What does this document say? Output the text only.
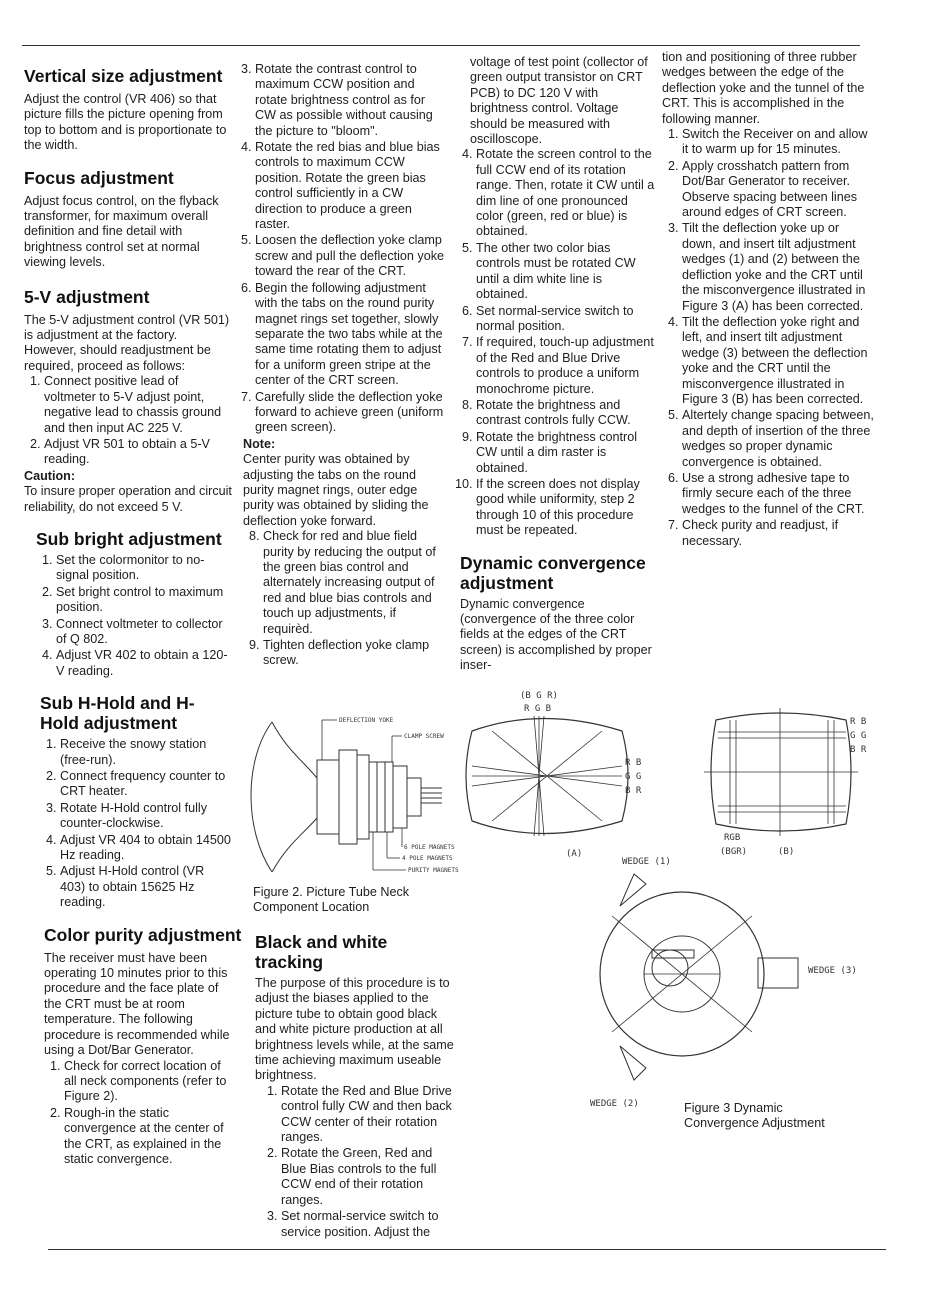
Vertical size adjustment

Adjust the control (VR 406) so that picture fills the picture opening from top to bottom and is proportionate to the width.

Focus adjustment

Adjust focus control, on the flyback transformer, for maximum overall definition and fine detail with brightness control set at normal viewing levels.

5-V adjustment

The 5-V adjustment control (VR 501) is adjustment at the factory. However, should readjustment be required, proceed as follows:

1. Connect positive lead of voltmeter to 5-V adjust point, negative lead to chassis ground and then input AC 225 V.
2. Adjust VR 501 to obtain a 5-V reading.

Caution:

To insure proper operation and circuit reliability, do not exceed 5 V.

Sub bright adjustment
1. Set the colormonitor to no-signal position.
2. Set bright control to maximum position.
3. Connect voltmeter to collector of Q 802.
4. Adjust VR 402 to obtain a 120-V reading.
Sub H-Hold and H-Hold adjustment
1. Receive the snowy station (free-run).
2. Connect frequency counter to CRT heater.
3. Rotate H-Hold control fully counter-clockwise.
4. Adjust VR 404 to obtain 14500 Hz reading.
5. Adjust H-Hold control (VR 403) to obtain 15625 Hz reading.
Color purity adjustment

The receiver must have been operating 10 minutes prior to this procedure and the face plate of the CRT must be at room temperature. The following procedure is recommended while using a Dot/Bar Generator.

1. Check for correct location of all neck components (refer to Figure 2).
2. Rough-in the static convergence at the center of the CRT, as explained in the static convergence.
3. Rotate the contrast control to maximum CCW position and rotate brightness control as for CW as possible without causing the picture to "bloom".
4. Rotate the red bias and blue bias controls to maximum CCW position. Rotate the green bias control sufficiently in a CW direction to produce a green raster.
5. Loosen the deflection yoke clamp screw and pull the deflection yoke toward the rear of the CRT.
6. Begin the following adjustment with the tabs on the round purity magnet rings set together, slowly separate the two tabs while at the same time rotating them to adjust for a uniform green stripe at the center of the CRT screen.
7. Carefully slide the deflection yoke forward to achieve green (uniform green screen).

Note:

Center purity was obtained by adjusting the tabs on the round purity magnet rings, outer edge purity was obtained by sliding the deflection yoke forward.

8. Check for red and blue field purity by reducing the output of the green bias control and alternately increasing output of red and blue bias controls and touch up adjustments, if requirèd.
9. Tighten deflection yoke clamp screw.
DEFLECTION YOKE
CLAMP SCREW
6 POLE MAGNETS
4 POLE MAGNETS
PURITY MAGNETS
Figure 2. Picture Tube Neck Component Location
Black and white tracking

The purpose of this procedure is to adjust the biases applied to the picture tube to obtain good black and white picture production at all brightness levels while, at the same time achieving maximum useable brightness.

1. Rotate the Red and Blue Drive control fully CW and then back CCW center of their rotation ranges.
2. Rotate the Green, Red and Blue Bias controls to the full CCW end of their rotation ranges.
3. Set normal-service switch to service position. Adjust the

voltage of test point (collector of green output transistor on CRT PCB) to DC 120 V with brightness control. Voltage should be measured with oscilloscope.

4. Rotate the screen control to the full CCW end of its rotation range. Then, rotate it CW until a dim line of one pronounced color (green, red or blue) is obtained.
5. The other two color bias controls must be rotated CW until a dim white line is obtained.
6. Set normal-service switch to normal position.
7. If required, touch-up adjustment of the Red and Blue Drive controls to produce a uniform monochrome picture.
8. Rotate the brightness and contrast controls fully CCW.
9. Rotate the brightness control CW until a dim raster is obtained.
10. If the screen does not display good while uniformity, step 2 through 10 of this procedure must be repeated.
Dynamic convergence adjustment

Dynamic convergence (convergence of the three color fields at the edges of the CRT screen) is accomplished by proper inser-

tion and positioning of three rubber wedges between the edge of the deflection yoke and the tunnel of the CRT. This is accomplished in the following manner.

1. Switch the Receiver on and allow it to warm up for 15 minutes.
2. Apply crosshatch pattern from Dot/Bar Generator to receiver. Observe spacing between lines around edges of CRT screen.
3. Tilt the deflection yoke up or down, and insert tilt adjustment wedges (1) and (2) between the defliction yoke and the CRT until the misconvergence illustrated in Figure 3 (A) has been corrected.
4. Tilt the deflection yoke right and left, and insert tilt adjustment wedge (3) between the deflection yoke and the CRT until the misconvergence illustrated in Figure 3 (B) has been corrected.
5. Altertely change spacing between, and depth of insertion of the three wedges so proper dynamic convergence is obtained.
6. Use a strong adhesive tape to firmly secure each of the three wedges to the funnel of the CRT.
7. Check purity and readjust, if necessary.
(B G R)
R G B
R B
G G
B R
(A)
R B
G G
B R
RGB
(BGR)	(B)
WEDGE (1)
WEDGE (3)
WEDGE (2)	Figure 3 Dynamic Convergence Adjustment
